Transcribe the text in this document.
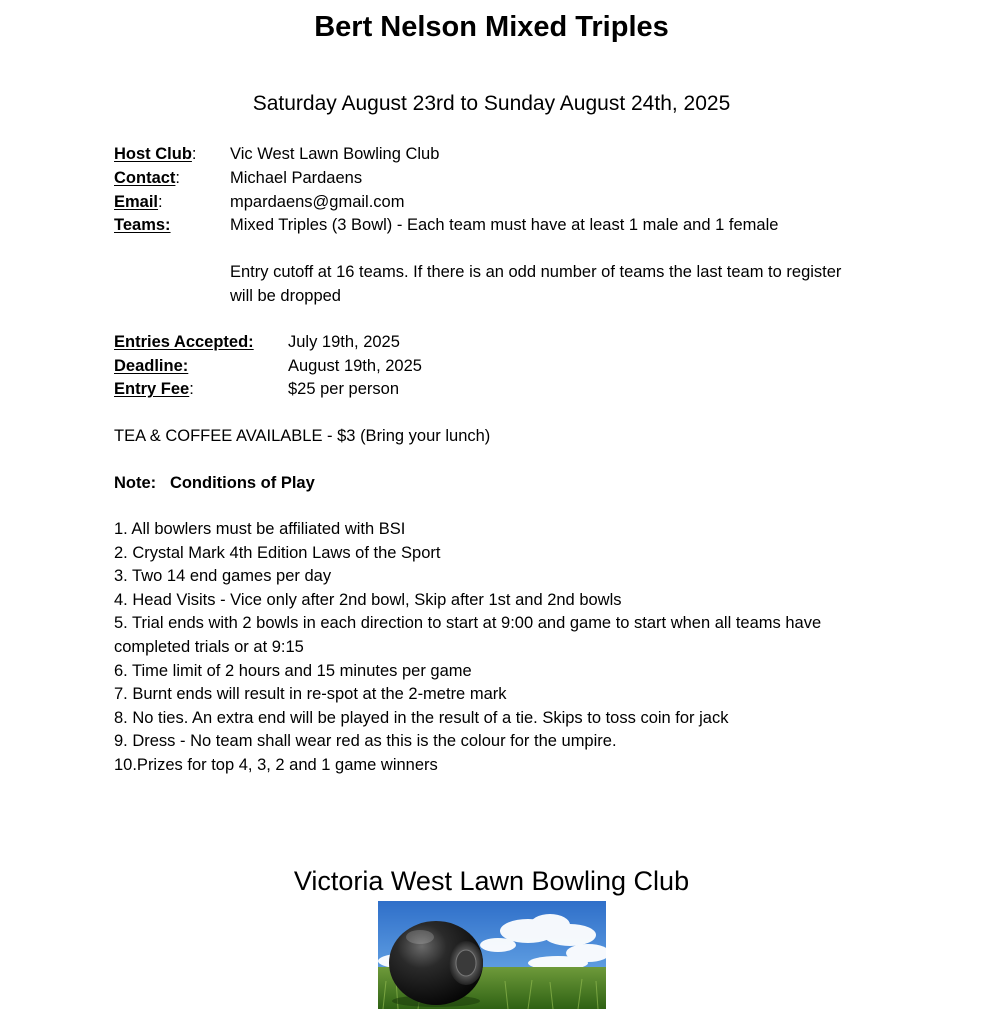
Bert Nelson Mixed Triples
Saturday August 23rd to Sunday August 24th, 2025
Host Club: Vic West Lawn Bowling Club
Contact:	Michael Pardaens
Email:	mpardaens@gmail.com
Teams:	Mixed Triples (3 Bowl) - Each team must have at least 1 male and 1 female
Entry cutoff at 16 teams. If there is an odd number of teams the last team to register will be dropped
Entries Accepted: July 19th, 2025
Deadline:	August 19th, 2025
Entry Fee:	$25 per person
TEA & COFFEE AVAILABLE - $3 (Bring your lunch)
Note: Conditions of Play
1. All bowlers must be affiliated with BSI
2. Crystal Mark 4th Edition Laws of the Sport
3. Two 14 end games per day
4. Head Visits - Vice only after 2nd bowl, Skip after 1st and 2nd bowls
5. Trial ends with 2 bowls in each direction to start at 9:00 and game to start when all teams have completed trials or at 9:15
6. Time limit of 2 hours and 15 minutes per game
7. Burnt ends will result in re-spot at the 2-metre mark
8. No ties. An extra end will be played in the result of a tie. Skips to toss coin for jack
9. Dress - No team shall wear red as this is the colour for the umpire.
10.Prizes for top 4, 3, 2 and 1 game winners
Victoria West Lawn Bowling Club
